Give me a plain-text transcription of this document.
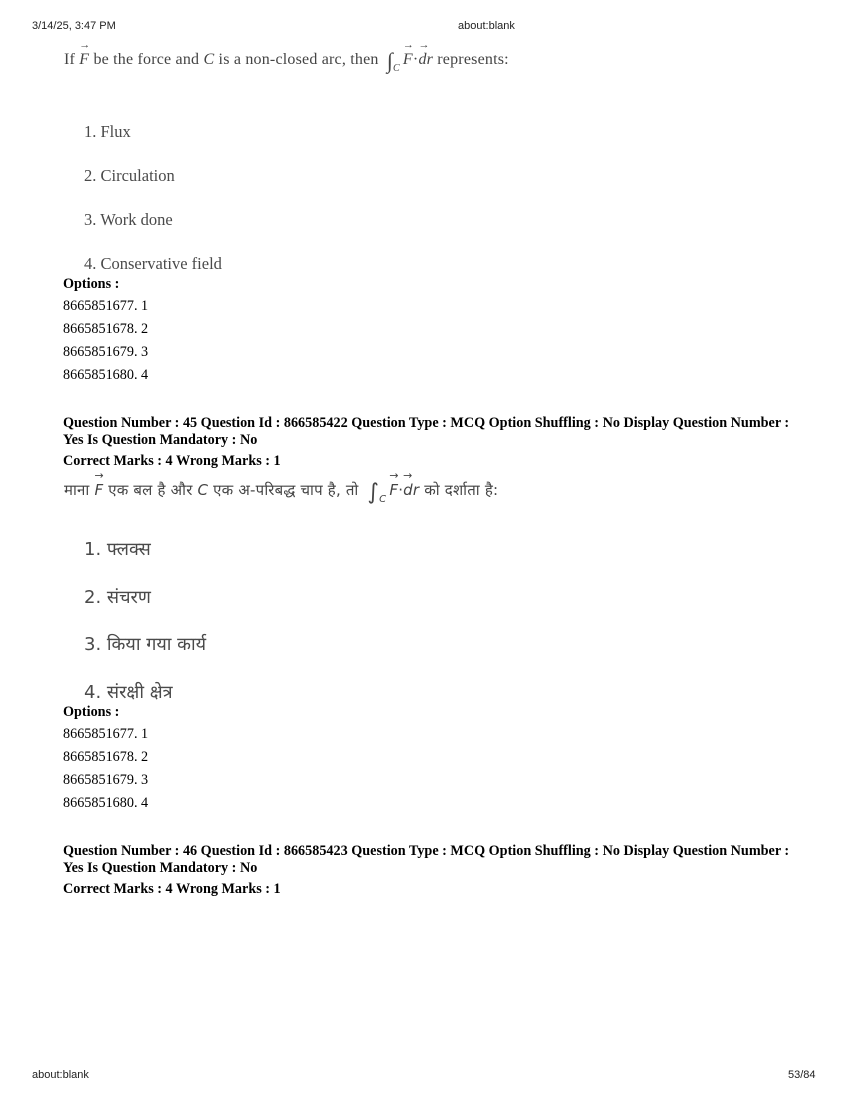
3/14/25, 3:47 PM	about:blank
If → F be the force and C is a non-closed arc, then $\int_C\to F\cdot\to$ dr represents:
1. Flux
2. Circulation
3. Work done
4. Conservative field
Options :
8665851677. 1
8665851678. 2
8665851679. 3
8665851680. 4
Question Number : 45 Question Id : 866585422 Question Type : MCQ Option Shuffling : No Display Question Number : Yes Is Question Mandatory : No
Correct Marks : 4 Wrong Marks : 1
माना → F एक बल है और C एक अ-परिबद्ध चाप है, तो $\int_C\to F\cdot\to$ dr को दर्शाता है:
1. फ्लक्स
2. संचरण
3. किया गया कार्य
4. संरक्षी क्षेत्र
Options :
8665851677. 1
8665851678. 2
8665851679. 3
8665851680. 4
Question Number : 46 Question Id : 866585423 Question Type : MCQ Option Shuffling : No Display Question Number : Yes Is Question Mandatory : No
Correct Marks : 4 Wrong Marks : 1
about:blank	53/84
